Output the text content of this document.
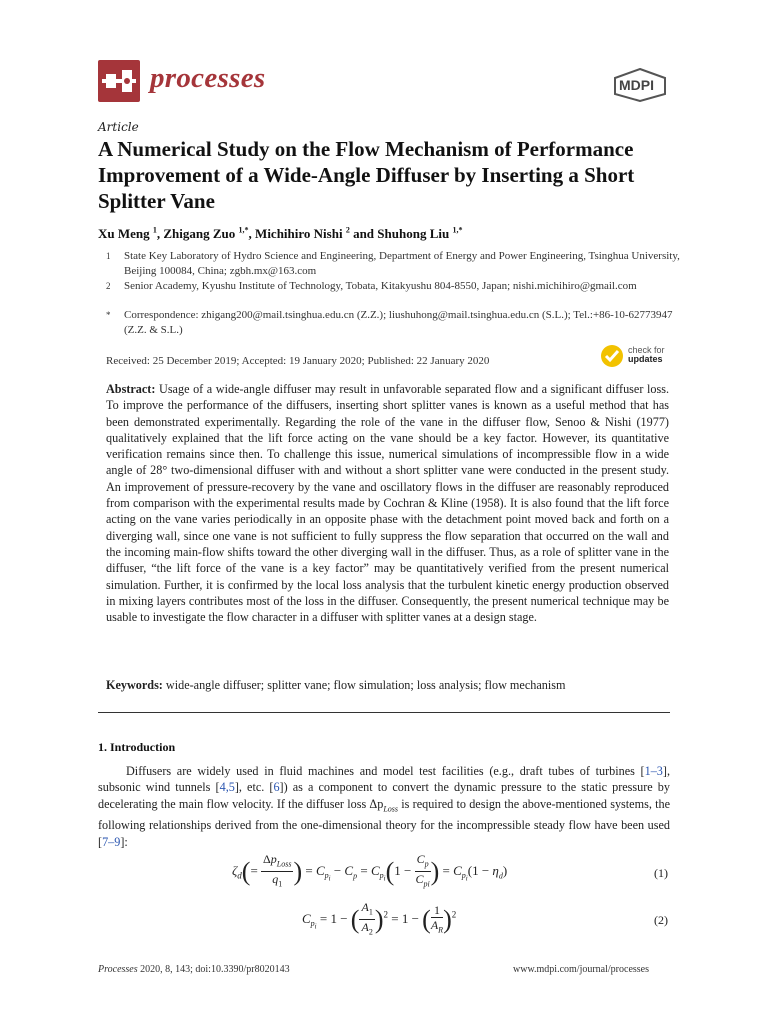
processes	MDPI
Article
A Numerical Study on the Flow Mechanism of Performance Improvement of a Wide-Angle Diffuser by Inserting a Short Splitter Vane
Xu Meng $^1$, Zhigang Zuo $^{1,*}$, Michihiro Nishi $^2$ and Shuhong Liu $^{1,*}$
1 State Key Laboratory of Hydro Science and Engineering, Department of Energy and Power Engineering, Tsinghua University, Beijing 100084, China; zgbh.mx@163.com
2 Senior Academy, Kyushu Institute of Technology, Tobata, Kitakyushu 804-8550, Japan; nishi.michihiro@gmail.com
* Correspondence: zhigang200@mail.tsinghua.edu.cn (Z.Z.); liushuhong@mail.tsinghua.edu.cn (S.L.); Tel.:+86-10-62773947 (Z.Z. & S.L.)
Received: 25 December 2019; Accepted: 19 January 2020; Published: 22 January 2020
check for
updates
Abstract: Usage of a wide-angle diffuser may result in unfavorable separated flow and a significant diffuser loss. To improve the performance of the diffusers, inserting short splitter vanes is known as a useful method that has been demonstrated experimentally. Regarding the role of the vane in the diffuser flow, Senoo & Nishi (1977) qualitatively explained that the lift force acting on the vane should be a key factor. However, its quantitative verification remains since then. To challenge this issue, numerical simulations of incompressible flow in a wide angle of 28° two-dimensional diffuser with and without a short splitter vane were conducted in the present study. An improvement of pressure-recovery by the vane and oscillatory flows in the diffuser are reasonably reproduced from comparison with the experimental results made by Cochran & Kline (1958). It is also found that the lift force acting on the vane varies periodically in an opposite phase with the detachment point moved back and forth on a diverging wall, since one vane is not sufficient to fully suppress the flow separation that occurred on the wall and the incoming main-flow shifts toward the other diverging wall in the diffuser. Thus, as a role of splitter vane in the diffuser, “the lift force of the vane is a key factor” may be quantitatively verified from the present numerical simulation. Further, it is confirmed by the local loss analysis that the turbulent kinetic energy production observed in mixing layers contributes most of the loss in the diffuser. Consequently, the present numerical technique may be usable to investigate the flow character in a diffuser with splitter vanes at a design stage.
Keywords: wide-angle diffuser; splitter vane; flow simulation; loss analysis; flow mechanism
1. Introduction
Diffusers are widely used in fluid machines and model test facilities (e.g., draft tubes of turbines [1–3], subsonic wind tunnels [4,5], etc. [6]) as a component to convert the dynamic pressure to the static pressure by decelerating the main flow velocity. If the diffuser loss $\Delta p_{Loss}$ is required to design the above-mentioned systems, the following relationships derived from the one-dimensional theory for the incompressible steady flow have been used [7–9]:
$\zeta_d(= \frac{\Delta p_{Loss}}{q_1}$ ) = $C_{p_i} - C_p = C_{p_i}(1 - \frac{C_p}{C_{pi}}$ ) = $C_{p_i}(1 - \eta_d)$	(1)
$C_{p_i} = 1$ − ( $\frac{A_1}{A_2} )^2 = 1$ − ( $\frac{1}{A_R} )^2$	(2)
Processes 2020, 8, 143; doi:10.3390/pr8020143	www.mdpi.com/journal/processes
